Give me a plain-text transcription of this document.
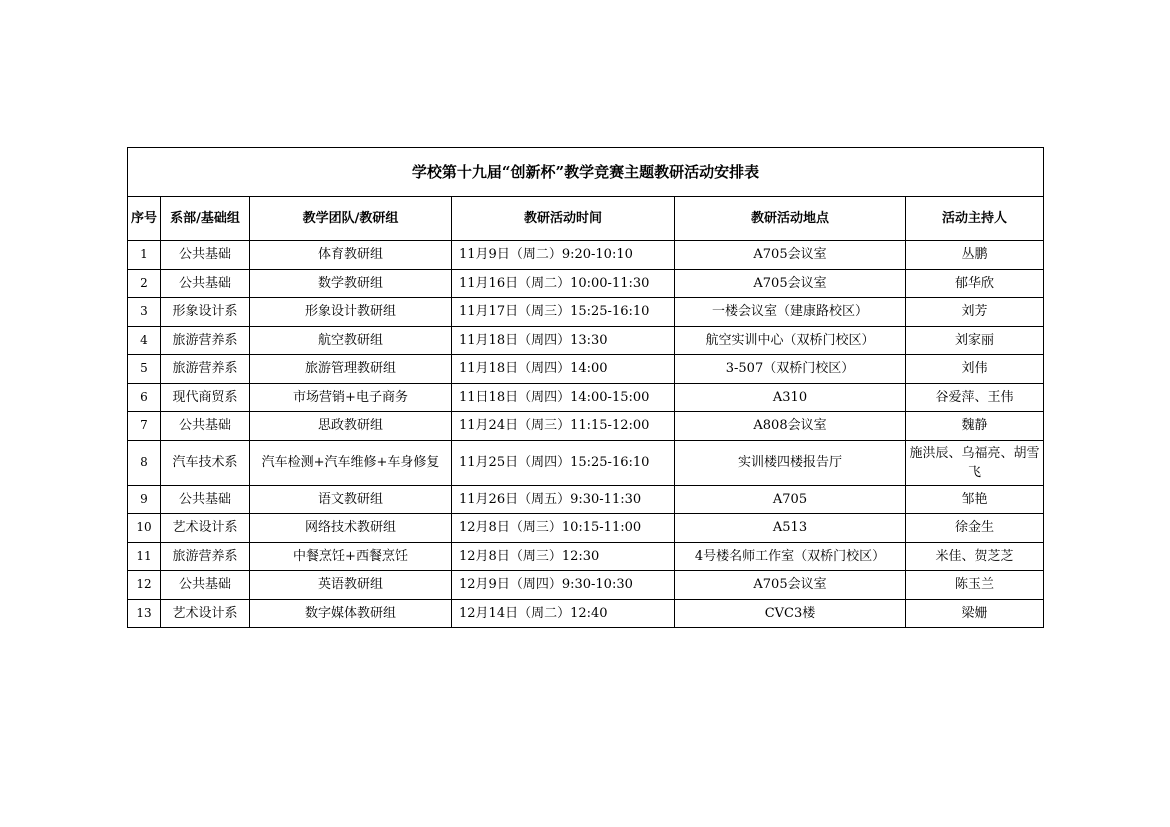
学校第十九届“创新杯”教学竞赛主题教研活动安排表					
序号	系部/基础组	教学团队/教研组	教研活动时间	教研活动地点	活动主持人
1	公共基础	体育教研组	11月9日（周二）9:20-10:10	A705会议室	丛鹏
2	公共基础	数学教研组	11月16日（周二）10:00-11:30	A705会议室	郁华欣
3	形象设计系	形象设计教研组	11月17日（周三）15:25-16:10	一楼会议室（建康路校区）	刘芳
4	旅游营养系	航空教研组	11月18日（周四）13:30	航空实训中心（双桥门校区）	刘家丽
5	旅游营养系	旅游管理教研组	11月18日（周四）14:00	3-507（双桥门校区）	刘伟
6	现代商贸系	市场营销+电子商务	11日18日（周四）14:00-15:00	A310	谷爱萍、王伟
7	公共基础	思政教研组	11月24日（周三）11:15-12:00	A808会议室	魏静
8	汽车技术系	汽车检测+汽车维修+车身修复	11月25日（周四）15:25-16:10	实训楼四楼报告厅	施洪辰、乌福亮、胡雪飞
9	公共基础	语文教研组	11月26日（周五）9:30-11:30	A705	邹艳
10	艺术设计系	网络技术教研组	12月8日（周三）10:15-11:00	A513	徐金生
11	旅游营养系	中餐烹饪+西餐烹饪	12月8日（周三）12:30	4号楼名师工作室（双桥门校区）	米佳、贺芝芝
12	公共基础	英语教研组	12月9日（周四）9:30-10:30	A705会议室	陈玉兰
13	艺术设计系	数字媒体教研组	12月14日（周二）12:40	CVC3楼	梁姗
